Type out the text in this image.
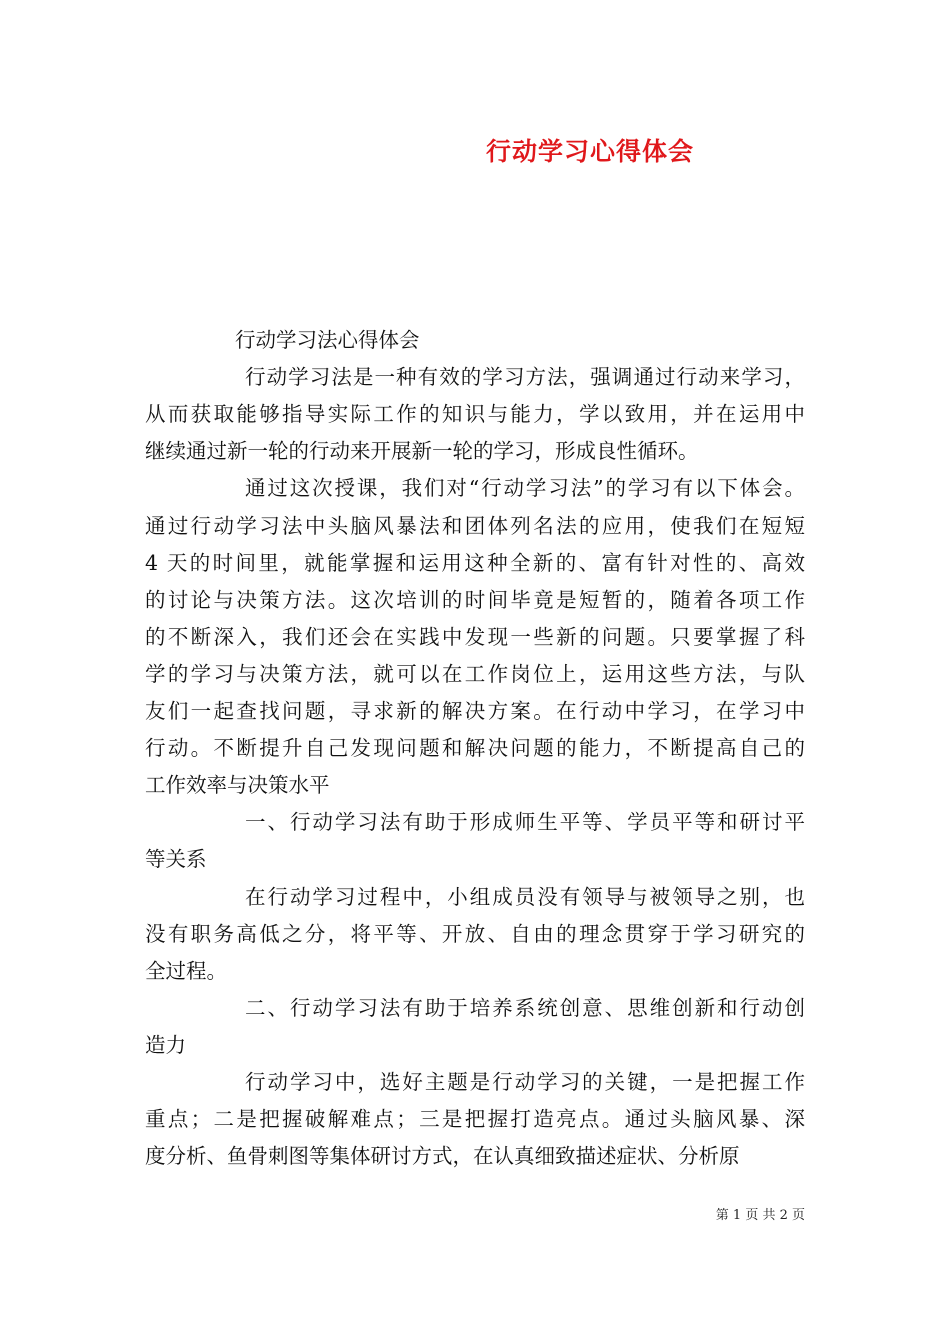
行动学习心得体会
行动学习法心得体会
行动学习法是一种有效的学习方法，强调通过行动来学习，
从而获取能够指导实际工作的知识与能力，学以致用，并在运用中
继续通过新一轮的行动来开展新一轮的学习，形成良性循环。
通过这次授课，我们对“行动学习法”的学习有以下体会。
通过行动学习法中头脑风暴法和团体列名法的应用，使我们在短短
4 天的时间里，就能掌握和运用这种全新的、富有针对性的、高效
的讨论与决策方法。这次培训的时间毕竟是短暂的，随着各项工作
的不断深入，我们还会在实践中发现一些新的问题。只要掌握了科
学的学习与决策方法，就可以在工作岗位上，运用这些方法，与队
友们一起查找问题，寻求新的解决方案。在行动中学习，在学习中
行动。不断提升自己发现问题和解决问题的能力，不断提高自己的
工作效率与决策水平
一、行动学习法有助于形成师生平等、学员平等和研讨平
等关系
在行动学习过程中，小组成员没有领导与被领导之别，也
没有职务高低之分，将平等、开放、自由的理念贯穿于学习研究的
全过程。
二、行动学习法有助于培养系统创意、思维创新和行动创
造力
行动学习中，选好主题是行动学习的关键，一是把握工作
重点；二是把握破解难点；三是把握打造亮点。通过头脑风暴、深
度分析、鱼骨刺图等集体研讨方式，在认真细致描述症状、分析原
第 1 页 共 2 页
